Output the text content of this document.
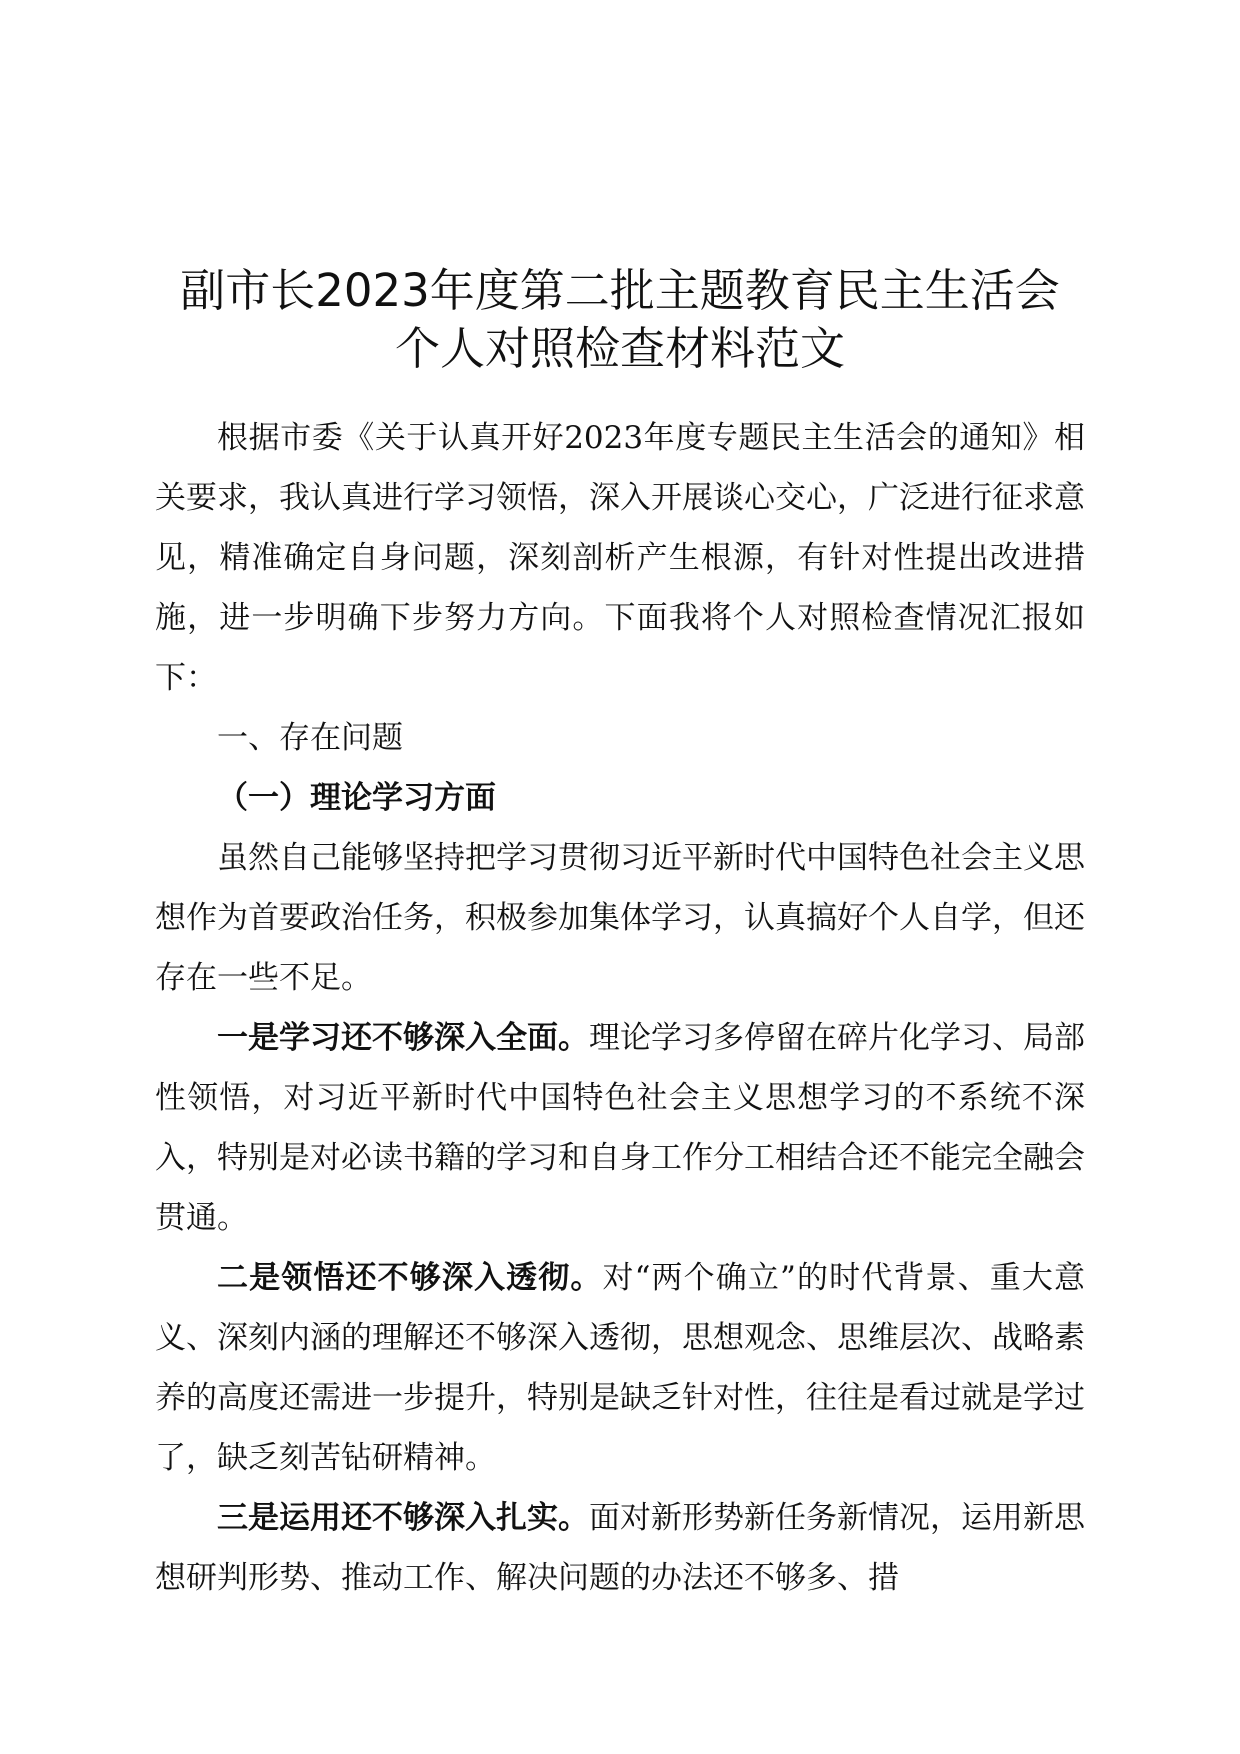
副市长2023年度第二批主题教育民主生活会
个人对照检查材料范文

根据市委《关于认真开好2023年度专题民主生活会的通知》相关要求，我认真进行学习领悟，深入开展谈心交心，广泛进行征求意见，精准确定自身问题，深刻剖析产生根源，有针对性提出改进措施，进一步明确下步努力方向。下面我将个人对照检查情况汇报如下：

一、存在问题

（一）理论学习方面

虽然自己能够坚持把学习贯彻习近平新时代中国特色社会主义思想作为首要政治任务，积极参加集体学习，认真搞好个人自学，但还存在一些不足。

一是学习还不够深入全面。理论学习多停留在碎片化学习、局部性领悟，对习近平新时代中国特色社会主义思想学习的不系统不深入，特别是对必读书籍的学习和自身工作分工相结合还不能完全融会贯通。

二是领悟还不够深入透彻。对“两个确立”的时代背景、重大意义、深刻内涵的理解还不够深入透彻，思想观念、思维层次、战略素养的高度还需进一步提升，特别是缺乏针对性，往往是看过就是学过了，缺乏刻苦钻研精神。

三是运用还不够深入扎实。面对新形势新任务新情况，运用新思想研判形势、推动工作、解决问题的办法还不够多、措
